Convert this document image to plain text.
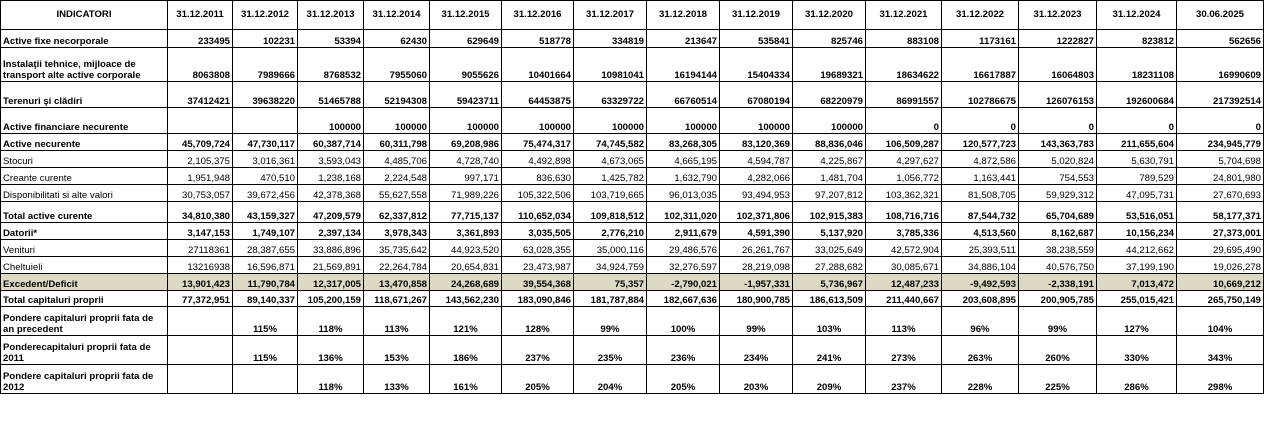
INDICATORI	31.12.2011	31.12.2012	31.12.2013	31.12.2014	31.12.2015	31.12.2016	31.12.2017	31.12.2018	31.12.2019	31.12.2020	31.12.2021	31.12.2022	31.12.2023	31.12.2024	30.06.2025
Active fixe necorporale	233495	102231	53394	62430	629649	518778	334819	213647	535841	825746	883108	1173161	1222827	823812	562656
Instalaţii tehnice, mijloace de transport alte active corporale	8063808	7989666	8768532	7955060	9055626	10401664	10981041	16194144	15404334	19689321	18634622	16617887	16064803	18231108	16990609
Terenuri şi clădiri	37412421	39638220	51465788	52194308	59423711	64453875	63329722	66760514	67080194	68220979	86991557	102786675	126076153	192600684	217392514
Active financiare necurente			100000	100000	100000	100000	100000	100000	100000	100000	0	0	0	0	0
Active necurente	45,709,724	47,730,117	60,387,714	60,311,798	69,208,986	75,474,317	74,745,582	83,268,305	83,120,369	88,836,046	106,509,287	120,577,723	143,363,783	211,655,604	234,945,779
Stocuri	2,105,375	3,016,361	3,593,043	4,485,706	4,728,740	4,492,898	4,673,065	4,665,195	4,594,787	4,225,867	4,297,627	4,872,586	5,020,824	5,630,791	5,704,698
Creante curente	1,951,948	470,510	1,238,168	2,224,548	997,171	836,630	1,425,782	1,632,790	4,282,066	1,481,704	1,056,772	1,163,441	754,553	789,529	24,801,980
Disponibilitati si alte valori	30,753,057	39,672,456	42,378,368	55,627,558	71,989,226	105,322,506	103,719,665	96,013,035	93,494,953	97,207,812	103,362,321	81,508,705	59,929,312	47,095,731	27,670,693
Total active curente	34,810,380	43,159,327	47,209,579	62,337,812	77,715,137	110,652,034	109,818,512	102,311,020	102,371,806	102,915,383	108,716,716	87,544,732	65,704,689	53,516,051	58,177,371
Datorii*	3,147,153	1,749,107	2,397,134	3,978,343	3,361,893	3,035,505	2,776,210	2,911,679	4,591,390	5,137,920	3,785,336	4,513,560	8,162,687	10,156,234	27,373,001
Venituri	27118361	28,387,655	33,886,896	35,735,642	44,923,520	63,028,355	35,000,116	29,486,576	26,261,767	33,025,649	42,572,904	25,393,511	38,238,559	44,212,662	29,695,490
Cheltuieli	13216938	16,596,871	21,569,891	22,264,784	20,654,831	23,473,987	34,924,759	32,276,597	28,219,098	27,288,682	30,085,671	34,886,104	40,576,750	37,199,190	19,026,278
Excedent/Deficit	13,901,423	11,790,784	12,317,005	13,470,858	24,268,689	39,554,368	75,357	-2,790,021	-1,957,331	5,736,967	12,487,233	-9,492,593	-2,338,191	7,013,472	10,669,212
Total capitaluri proprii	77,372,951	89,140,337	105,200,159	118,671,267	143,562,230	183,090,846	181,787,884	182,667,636	180,900,785	186,613,509	211,440,667	203,608,895	200,905,785	255,015,421	265,750,149
Pondere capitaluri proprii fata de an precedent		115%	118%	113%	121%	128%	99%	100%	99%	103%	113%	96%	99%	127%	104%
Ponderecapitaluri proprii fata de 2011		115%	136%	153%	186%	237%	235%	236%	234%	241%	273%	263%	260%	330%	343%
Pondere capitaluri proprii fata de 2012			118%	133%	161%	205%	204%	205%	203%	209%	237%	228%	225%	286%	298%
